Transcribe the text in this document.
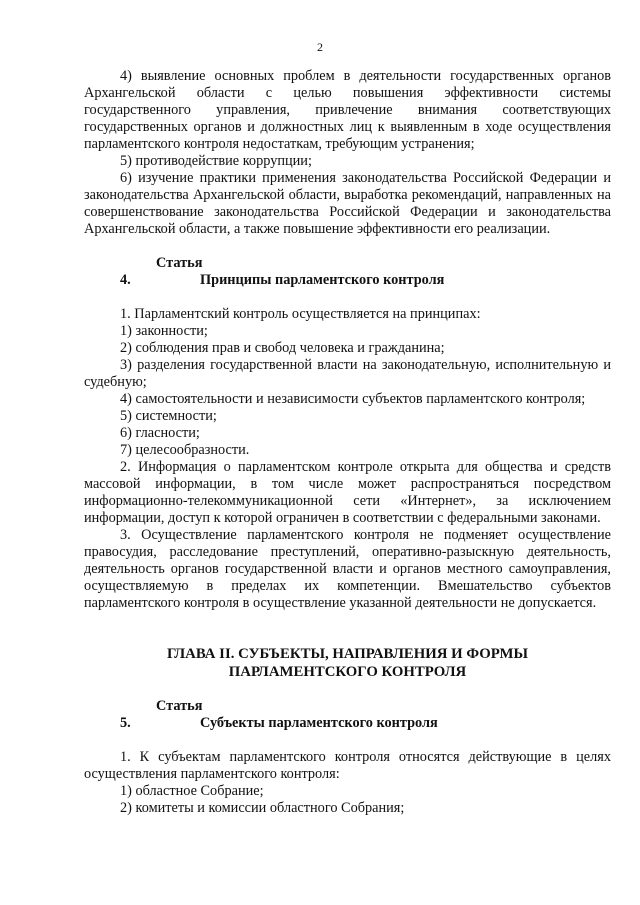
2

4) выявление основных проблем в деятельности государственных органов Архангельской области с целью повышения эффективности системы государственного управления, привлечение внимания соответствующих государственных органов и должностных лиц к выявленным в ходе осуществления парламентского контроля недостаткам, требующим устранения;

5) противодействие коррупции;

6) изучение практики применения законодательства Российской Федерации и законодательства Архангельской области, выработка рекомендаций, направленных на совершенствование законодательства Российской Федерации и законодательства Архангельской области, а также повышение эффективности его реализации.

Статья 4.	Принципы парламентского контроля

1. Парламентский контроль осуществляется на принципах:

1) законности;

2) соблюдения прав и свобод человека и гражданина;

3) разделения государственной власти на законодательную, исполнительную и судебную;

4) самостоятельности и независимости субъектов парламентского контроля;

5) системности;

6) гласности;

7) целесообразности.

2. Информация о парламентском контроле открыта для общества и средств массовой информации, в том числе может распространяться посредством информационно-телекоммуникационной сети «Интернет», за исключением информации, доступ к которой ограничен в соответствии с федеральными законами.

3. Осуществление парламентского контроля не подменяет осуществление правосудия, расследование преступлений, оперативно-разыскную деятельность, деятельность органов государственной власти и органов местного самоуправления, осуществляемую в пределах их компетенции. Вмешательство субъектов парламентского контроля в осуществление указанной деятельности не допускается.

ГЛАВА II. СУБЪЕКТЫ, НАПРАВЛЕНИЯ И ФОРМЫ
ПАРЛАМЕНТСКОГО КОНТРОЛЯ

Статья 5.	Субъекты парламентского контроля

1. К субъектам парламентского контроля относятся действующие в целях осуществления парламентского контроля:

1) областное Собрание;

2) комитеты и комиссии областного Собрания;
